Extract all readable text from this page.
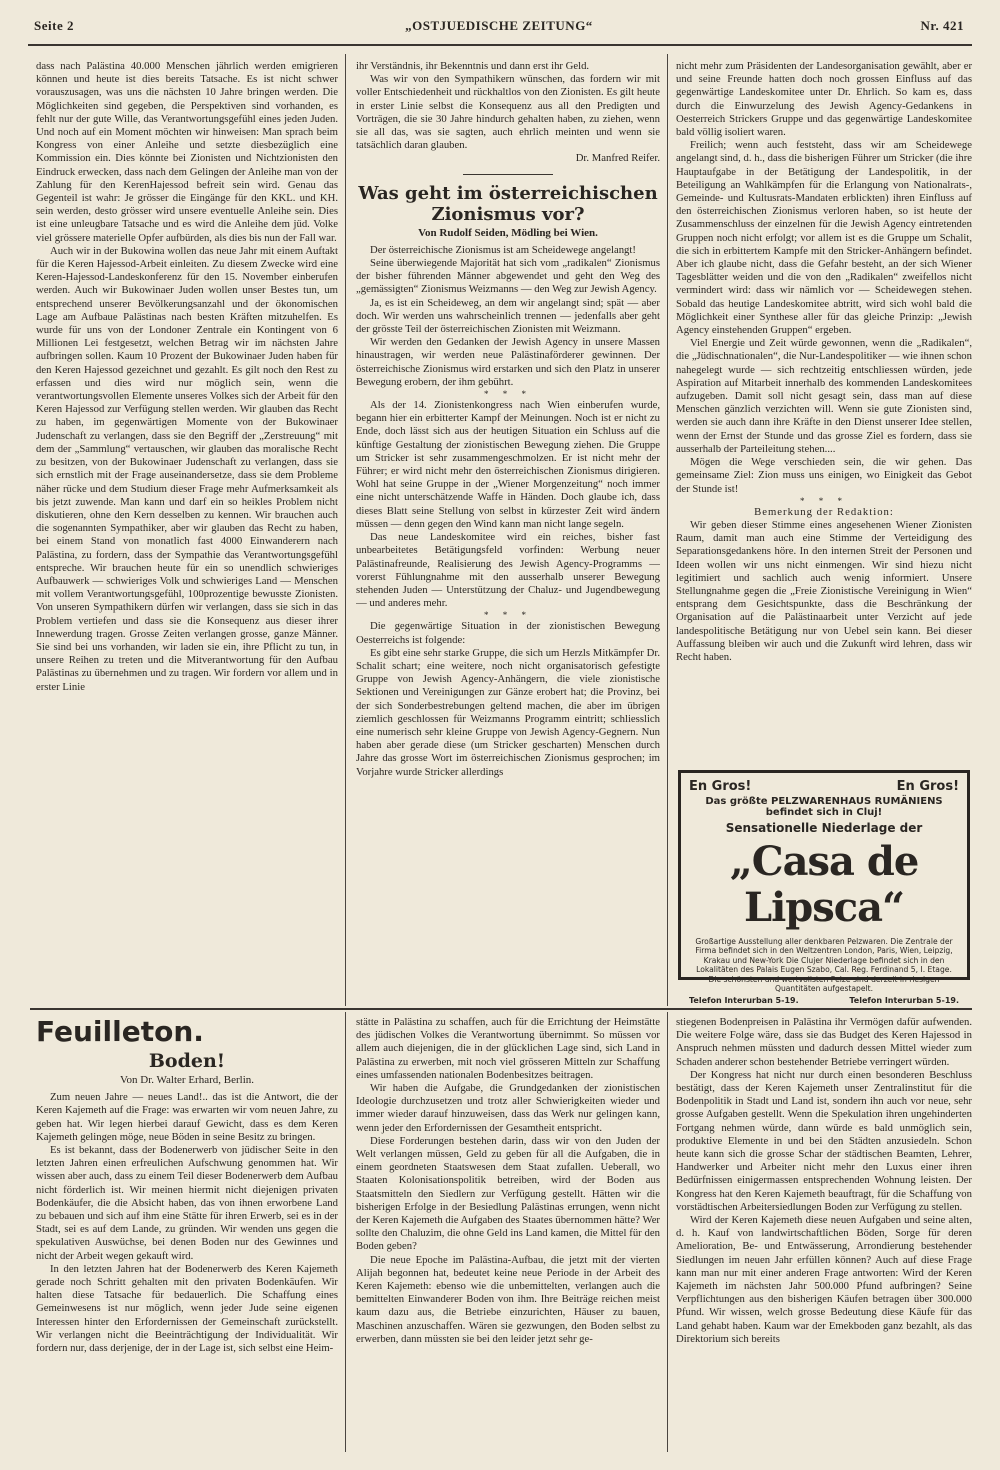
Seite 2	„OSTJUEDISCHE ZEITUNG“	Nr. 421

dass nach Palästina 40.000 Menschen jährlich werden emigrieren können und heute ist dies bereits Tatsache. Es ist nicht schwer vorauszusagen, was uns die nächsten 10 Jahre bringen werden. Die Möglichkeiten sind gegeben, die Perspektiven sind vorhanden, es fehlt nur der gute Wille, das Verantwortungsgefühl eines jeden Juden. Und noch auf ein Moment möchten wir hinweisen: Man sprach beim Kongress von einer Anleihe und setzte diesbezüglich eine Kommission ein. Dies könnte bei Zionisten und Nichtzionisten den Eindruck erwecken, dass nach dem Gelingen der Anleihe man von der Zahlung für den KerenHajessod befreit sein wird. Genau das Gegenteil ist wahr: Je grösser die Eingänge für den KKL. und KH. sein werden, desto grösser wird unsere eventuelle Anleihe sein. Dies ist eine unleugbare Tatsache und es wird die Anleihe dem jüd. Volke viel grössere materielle Opfer aufbürden, als dies bis nun der Fall war.

Auch wir in der Bukowina wollen das neue Jahr mit einem Auftakt für die Keren Hajessod-Arbeit einleiten. Zu diesem Zwecke wird eine Keren-Hajessod-Landeskonferenz für den 15. November einberufen werden. Auch wir Bukowinaer Juden wollen unser Bestes tun, um entsprechend unserer Bevölkerungsanzahl und der ökonomischen Lage am Aufbaue Palästinas nach besten Kräften mitzuhelfen. Es wurde für uns von der Londoner Zentrale ein Kontingent von 6 Millionen Lei festgesetzt, welchen Betrag wir im nächsten Jahre aufbringen sollen. Kaum 10 Prozent der Bukowinaer Juden haben für den Keren Hajessod gezeichnet und gezahlt. Es gilt noch den Rest zu erfassen und dies wird nur möglich sein, wenn die verantwortungsvollen Elemente unseres Volkes sich der Arbeit für den Keren Hajessod zur Verfügung stellen werden. Wir glauben das Recht zu haben, im gegenwärtigen Momente von der Bukowinaer Judenschaft zu verlangen, dass sie den Begriff der „Zerstreuung“ mit dem der „Sammlung“ vertauschen, wir glauben das moralische Recht zu besitzen, von der Bukowinaer Judenschaft zu verlangen, dass sie sich ernstlich mit der Frage auseinandersetze, dass sie dem Probleme näher rücke und dem Studium dieser Frage mehr Aufmerksamkeit als bis jetzt zuwende. Man kann und darf ein so heikles Problem nicht diskutieren, ohne den Kern desselben zu kennen. Wir brauchen auch die sogenannten Sympathiker, aber wir glauben das Recht zu haben, bei einem Stand von monatlich fast 4000 Einwanderern nach Palästina, zu fordern, dass der Sympathie das Verantwortungsgefühl entspreche. Wir brauchen heute für ein so unendlich schwieriges Aufbauwerk — schwieriges Volk und schwieriges Land — Menschen mit vollem Verantwortungsgefühl, 100prozentige bewusste Zionisten. Von unseren Sympathikern dürfen wir verlangen, dass sie sich in das Problem vertiefen und dass sie die Konsequenz aus dieser ihrer Innewerdung tragen. Grosse Zeiten verlangen grosse, ganze Männer. Sie sind bei uns vorhanden, wir laden sie ein, ihre Pflicht zu tun, in unsere Reihen zu treten und die Mitverantwortung für den Aufbau Palästinas zu übernehmen und zu tragen. Wir fordern vor allem und in erster Linie

ihr Verständnis, ihr Bekenntnis und dann erst ihr Geld.

Was wir von den Sympathikern wünschen, das fordern wir mit voller Entschiedenheit und rückhaltlos von den Zionisten. Es gilt heute in erster Linie selbst die Konsequenz aus all den Predigten und Vorträgen, die sie 30 Jahre hindurch gehalten haben, zu ziehen, wenn sie all das, was sie sagten, auch ehrlich meinten und wenn sie tatsächlich daran glauben.

Dr. Manfred Reifer.
Was geht im österreichischen Zionismus vor?
Von Rudolf Seiden, Mödling bei Wien.

Der österreichische Zionismus ist am Scheidewege angelangt!

Seine überwiegende Majorität hat sich vom „radikalen“ Zionismus der bisher führenden Männer abgewendet und geht den Weg des „gemässigten“ Zionismus Weizmanns — den Weg zur Jewish Agency.

Ja, es ist ein Scheideweg, an dem wir angelangt sind; spät — aber doch. Wir werden uns wahrscheinlich trennen — jedenfalls aber geht der grösste Teil der österreichischen Zionisten mit Weizmann.

Wir werden den Gedanken der Jewish Agency in unsere Massen hinaustragen, wir werden neue Palästinaförderer gewinnen. Der österreichische Zionismus wird erstarken und sich den Platz in unserer Bewegung erobern, der ihm gebührt.

* * *

Als der 14. Zionistenkongress nach Wien einberufen wurde, begann hier ein erbitterter Kampf der Meinungen. Noch ist er nicht zu Ende, doch lässt sich aus der heutigen Situation ein Schluss auf die künftige Gestaltung der zionistischen Bewegung ziehen. Die Gruppe um Stricker ist sehr zusammengeschmolzen. Er ist nicht mehr der Führer; er wird nicht mehr den österreichischen Zionismus dirigieren. Wohl hat seine Gruppe in der „Wiener Morgenzeitung“ noch immer eine nicht unterschätzende Waffe in Händen. Doch glaube ich, dass dieses Blatt seine Stellung von selbst in kürzester Zeit wird ändern müssen — denn gegen den Wind kann man nicht lange segeln.

Das neue Landeskomitee wird ein reiches, bisher fast unbearbeitetes Betätigungsfeld vorfinden: Werbung neuer Palästinafreunde, Realisierung des Jewish Agency-Programms — vorerst Fühlungnahme mit den ausserhalb unserer Bewegung stehenden Juden — Unterstützung der Chaluz- und Jugendbewegung — und anderes mehr.

* * *

Die gegenwärtige Situation in der zionistischen Bewegung Oesterreichs ist folgende:

Es gibt eine sehr starke Gruppe, die sich um Herzls Mitkämpfer Dr. Schalit schart; eine weitere, noch nicht organisatorisch gefestigte Gruppe von Jewish Agency-Anhängern, die viele zionistische Sektionen und Vereinigungen zur Gänze erobert hat; die Provinz, bei der sich Sonderbestrebungen geltend machen, die aber im übrigen ziemlich geschlossen für Weizmanns Programm eintritt; schliesslich eine numerisch sehr kleine Gruppe von Jewish Agency-Gegnern. Nun haben aber gerade diese (um Stricker gescharten) Menschen durch Jahre das grosse Wort im österreichischen Zionismus gesprochen; im Vorjahre wurde Stricker allerdings

nicht mehr zum Präsidenten der Landesorganisation gewählt, aber er und seine Freunde hatten doch noch grossen Einfluss auf das gegenwärtige Landeskomitee unter Dr. Ehrlich. So kam es, dass durch die Einwurzelung des Jewish Agency-Gedankens in Oesterreich Strickers Gruppe und das gegenwärtige Landeskomitee bald völlig isoliert waren.

Freilich; wenn auch feststeht, dass wir am Scheidewege angelangt sind, d. h., dass die bisherigen Führer um Stricker (die ihre Hauptaufgabe in der Betätigung der Landespolitik, in der Beteiligung an Wahlkämpfen für die Erlangung von Nationalrats-, Gemeinde- und Kultusrats-Mandaten erblickten) ihren Einfluss auf den österreichischen Zionismus verloren haben, so ist heute der Zusammenschluss der einzelnen für die Jewish Agency eintretenden Gruppen noch nicht erfolgt; vor allem ist es die Gruppe um Schalit, die sich in erbittertem Kampfe mit den Stricker-Anhängern befindet. Aber ich glaube nicht, dass die Gefahr besteht, an der sich Wiener Tagesblätter weiden und die von den „Radikalen“ zweifellos nicht vermindert wird: dass wir nämlich vor — Scheidewegen stehen. Sobald das heutige Landeskomitee abtritt, wird sich wohl bald die Möglichkeit einer Synthese aller für das gleiche Prinzip: „Jewish Agency einstehenden Gruppen“ ergeben.

Viel Energie und Zeit würde gewonnen, wenn die „Radikalen“, die „Jüdischnationalen“, die Nur-Landespolitiker — wie ihnen schon nahegelegt wurde — sich rechtzeitig entschliessen würden, jede Aspiration auf Mitarbeit innerhalb des kommenden Landeskomitees aufzugeben. Damit soll nicht gesagt sein, dass man auf diese Menschen gänzlich verzichten will. Wenn sie gute Zionisten sind, werden sie auch dann ihre Kräfte in den Dienst unserer Idee stellen, wenn der Ernst der Stunde und das grosse Ziel es fordern, dass sie ausserhalb der Parteileitung stehen....

Mögen die Wege verschieden sein, die wir gehen. Das gemeinsame Ziel: Zion muss uns einigen, wo Einigkeit das Gebot der Stunde ist!

* * *
Bemerkung der Redaktion:

Wir geben dieser Stimme eines angesehenen Wiener Zionisten Raum, damit man auch eine Stimme der Verteidigung des Separationsgedankens höre. In den internen Streit der Personen und Ideen wollen wir uns nicht einmengen. Wir sind hiezu nicht legitimiert und sachlich auch wenig informiert. Unsere Stellungnahme gegen die „Freie Zionistische Vereinigung in Wien“ entsprang dem Gesichtspunkte, dass die Beschränkung der Organisation auf die Palästinaarbeit unter Verzicht auf jede landespolitische Betätigung nur von Uebel sein kann. Bei dieser Auffassung bleiben wir auch und die Zukunft wird lehren, dass wir Recht haben.

En Gros!	En Gros!
Das größte PELZWARENHAUS RUMÄNIENS
befindet sich in Cluj!
Sensationelle Niederlage der
„Casa de Lipsca“
Großartige Ausstellung aller denkbaren Pelzwaren. Die Zentrale der Firma befindet sich in den Weltzentren London, Paris, Wien, Leipzig, Krakau und New-York Die Clujer Niederlage befindet sich in den Lokalitäten des Palais Eugen Szabo, Cal. Reg. Ferdinand 5, I. Etage. Die schönsten und wertvollsten Pelze sind derzeit in riesigen Quantitäten aufgestapelt.
Telefon Interurban 5-19.	Telefon Interurban 5-19.
Feuilleton.
Boden!
Von Dr. Walter Erhard, Berlin.

Zum neuen Jahre — neues Land!.. das ist die Antwort, die der Keren Kajemeth auf die Frage: was erwarten wir vom neuen Jahre, zu geben hat. Wir legen hierbei darauf Gewicht, dass es dem Keren Kajemeth gelingen möge, neue Böden in seine Besitz zu bringen.

Es ist bekannt, dass der Bodenerwerb von jüdischer Seite in den letzten Jahren einen erfreulichen Aufschwung genommen hat. Wir wissen aber auch, dass zu einem Teil dieser Bodenerwerb dem Aufbau nicht förderlich ist. Wir meinen hiermit nicht diejenigen privaten Bodenkäufer, die die Absicht haben, das von ihnen erworbene Land zu bebauen und sich auf ihm eine Stätte für ihren Erwerb, sei es in der Stadt, sei es auf dem Lande, zu gründen. Wir wenden uns gegen die spekulativen Auswüchse, bei denen Boden nur des Gewinnes und nicht der Arbeit wegen gekauft wird.

In den letzten Jahren hat der Bodenerwerb des Keren Kajemeth gerade noch Schritt gehalten mit den privaten Bodenkäufen. Wir halten diese Tatsache für bedauerlich. Die Schaffung eines Gemeinwesens ist nur möglich, wenn jeder Jude seine eigenen Interessen hinter den Erfordernissen der Gemeinschaft zurückstellt. Wir verlangen nicht die Beeinträchtigung der Individualität. Wir fordern nur, dass derjenige, der in der Lage ist, sich selbst eine Heim-

stätte in Palästina zu schaffen, auch für die Errichtung der Heimstätte des jüdischen Volkes die Verantwortung übernimmt. So müssen vor allem auch diejenigen, die in der glücklichen Lage sind, sich Land in Palästina zu erwerben, mit noch viel grösseren Mitteln zur Schaffung eines umfassenden nationalen Bodenbesitzes beitragen.

Wir haben die Aufgabe, die Grundgedanken der zionistischen Ideologie durchzusetzen und trotz aller Schwierigkeiten wieder und immer wieder darauf hinzuweisen, dass das Werk nur gelingen kann, wenn jeder den Erfordernissen der Gesamtheit entspricht.

Diese Forderungen bestehen darin, dass wir von den Juden der Welt verlangen müssen, Geld zu geben für all die Aufgaben, die in einem geordneten Staatswesen dem Staat zufallen. Ueberall, wo Staaten Kolonisationspolitik betreiben, wird der Boden aus Staatsmitteln den Siedlern zur Verfügung gestellt. Hätten wir die bisherigen Erfolge in der Besiedlung Palästinas errungen, wenn nicht der Keren Kajemeth die Aufgaben des Staates übernommen hätte? Wer sollte den Chaluzim, die ohne Geld ins Land kamen, die Mittel für den Boden geben?

Die neue Epoche im Palästina-Aufbau, die jetzt mit der vierten Alijah begonnen hat, bedeutet keine neue Periode in der Arbeit des Keren Kajemeth: ebenso wie die unbemittelten, verlangen auch die bemittelten Einwanderer Boden von ihm. Ihre Beiträge reichen meist kaum dazu aus, die Betriebe einzurichten, Häuser zu bauen, Maschinen anzuschaffen. Wären sie gezwungen, den Boden selbst zu erwerben, dann müssten sie bei den leider jetzt sehr ge-

stiegenen Bodenpreisen in Palästina ihr Vermögen dafür aufwenden. Die weitere Folge wäre, dass sie das Budget des Keren Hajessod in Anspruch nehmen müssten und dadurch dessen Mittel wieder zum Schaden anderer schon bestehender Betriebe verringert würden.

Der Kongress hat nicht nur durch einen besonderen Beschluss bestätigt, dass der Keren Kajemeth unser Zentralinstitut für die Bodenpolitik in Stadt und Land ist, sondern ihn auch vor neue, sehr grosse Aufgaben gestellt. Wenn die Spekulation ihren ungehinderten Fortgang nehmen würde, dann würde es bald unmöglich sein, produktive Elemente in und bei den Städten anzusiedeln. Schon heute kann sich die grosse Schar der städtischen Beamten, Lehrer, Handwerker und Arbeiter nicht mehr den Luxus einer ihren Bedürfnissen einigermassen entsprechenden Wohnung leisten. Der Kongress hat den Keren Kajemeth beauftragt, für die Schaffung von vorstädtischen Arbeitersiedlungen Boden zur Verfügung zu stellen.

Wird der Keren Kajemeth diese neuen Aufgaben und seine alten, d. h. Kauf von landwirtschaftlichen Böden, Sorge für deren Amelioration, Be- und Entwässerung, Arrondierung bestehender Siedlungen im neuen Jahr erfüllen können? Auch auf diese Frage kann man nur mit einer anderen Frage antworten: Wird der Keren Kajemeth im nächsten Jahr 500.000 Pfund aufbringen? Seine Verpflichtungen aus den bisherigen Käufen betragen über 300.000 Pfund. Wir wissen, welch grosse Bedeutung diese Käufe für das Land gehabt haben. Kaum war der Emekboden ganz bezahlt, als das Direktorium sich bereits
